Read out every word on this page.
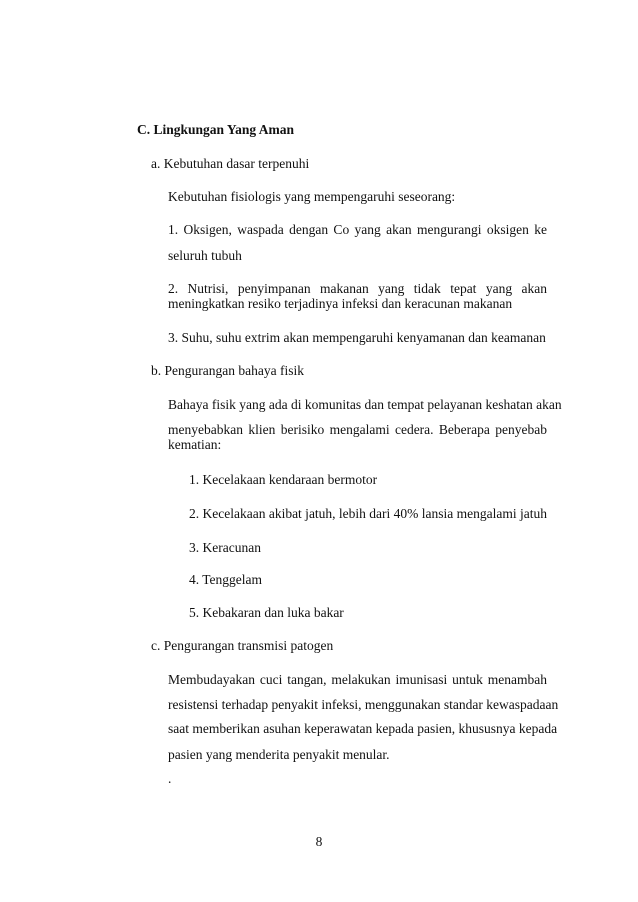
C. Lingkungan Yang Aman
a. Kebutuhan dasar terpenuhi
Kebutuhan fisiologis yang mempengaruhi seseorang:
1. Oksigen, waspada dengan Co yang akan mengurangi oksigen ke
seluruh tubuh
2. Nutrisi, penyimpanan makanan yang tidak tepat yang akan
meningkatkan resiko terjadinya infeksi dan keracunan makanan
3. Suhu, suhu extrim akan mempengaruhi kenyamanan dan keamanan
b. Pengurangan bahaya fisik
Bahaya fisik yang ada di komunitas dan tempat pelayanan keshatan akan
menyebabkan klien berisiko mengalami cedera. Beberapa penyebab
kematian:
1. Kecelakaan kendaraan bermotor
2. Kecelakaan akibat jatuh, lebih dari 40% lansia mengalami jatuh
3. Keracunan
4. Tenggelam
5. Kebakaran dan luka bakar
c. Pengurangan transmisi patogen
Membudayakan cuci tangan, melakukan imunisasi untuk menambah
resistensi terhadap penyakit infeksi, menggunakan standar kewaspadaan
saat memberikan asuhan keperawatan kepada pasien, khususnya kepada
pasien yang menderita penyakit menular.
.
8
